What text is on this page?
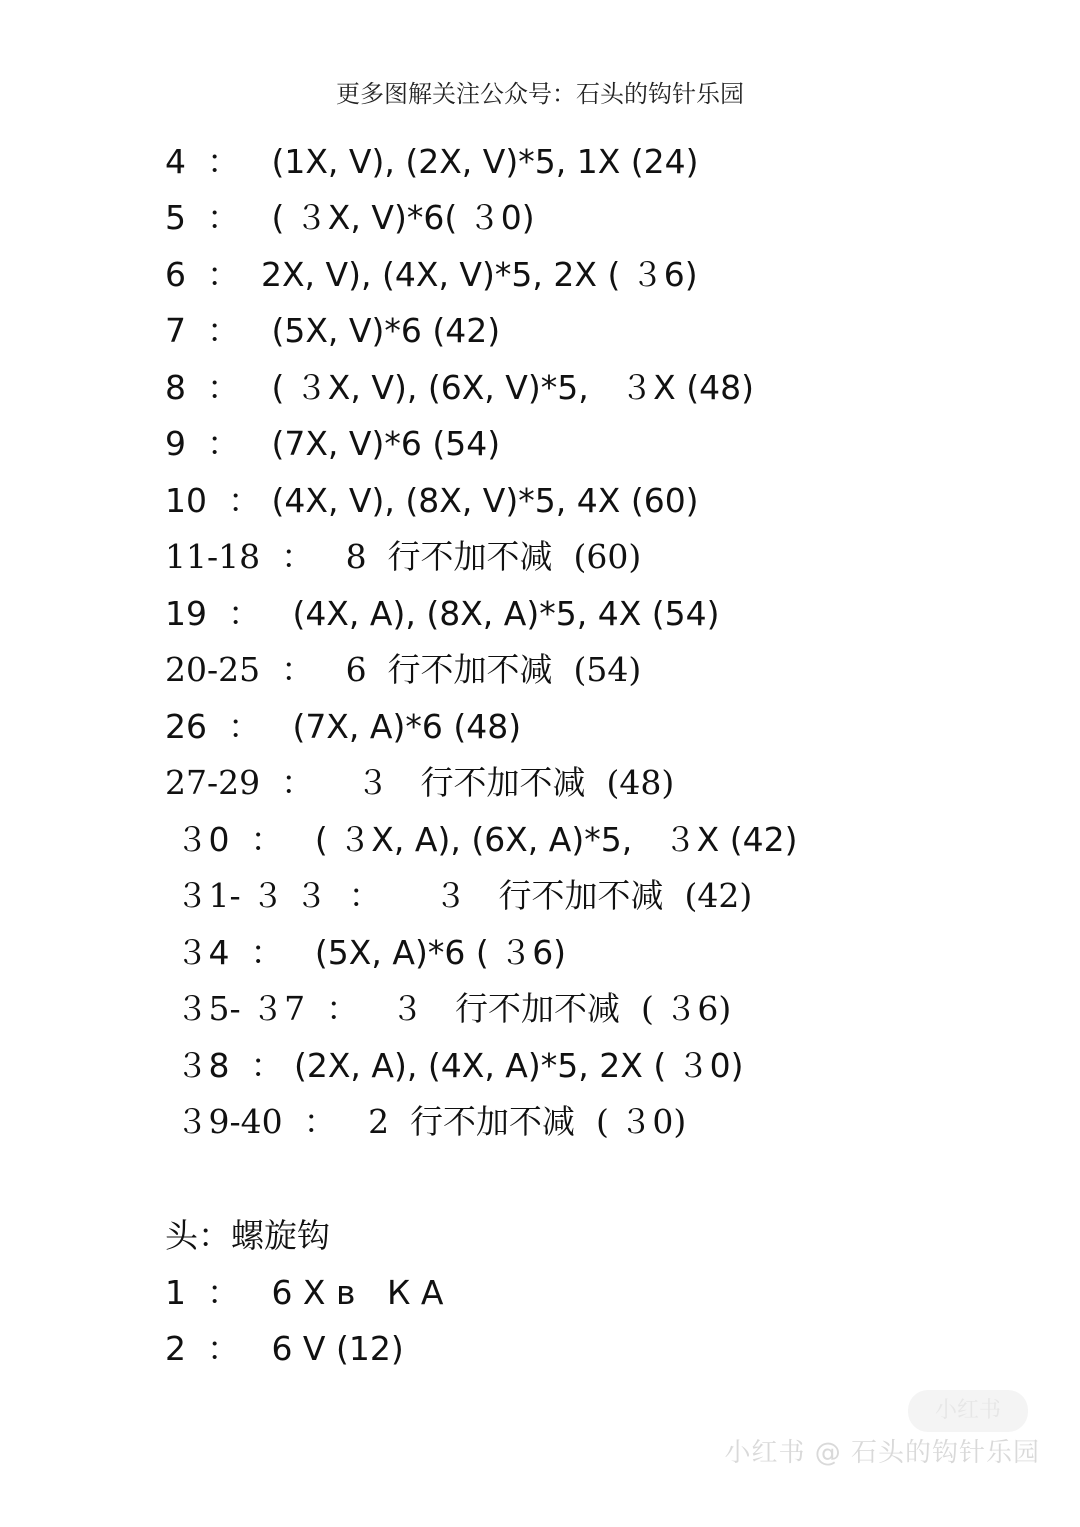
更多图解关注公众号：石头的钩针乐园
4  ：   (1X, V), (2X, V)*5, 1X (24)
5  ：   ( ３X, V)*6( ３0)
6  ：  2X, V), (4X, V)*5, 2X ( ３6)
7  ：   (5X, V)*6 (42)
8  ：   ( ３X, V), (6X, V)*5,   ３X (48)
9  ：   (7X, V)*6 (54)
10  ： (4X, V), (8X, V)*5, 4X (60)
11-18  ：   8  行不加不减  (60)
19  ：   (4X, A), (8X, A)*5, 4X (54)
20-25  ：   6  行不加不减  (54)
26  ：   (7X, A)*6 (48)
27-29  ：    ３   行不加不减  (48)
３0  ：   ( ３X, A), (6X, A)*5,   ３X (42)
３1- ３ ３  ：     ３   行不加不减  (42)
３4  ：   (5X, A)*6 ( ３6)
３5- ３7  ：   ３   行不加不减  ( ３6)
３8  ： (2X, A), (4X, A)*5, 2X ( ３0)
３9-40  ：   2  行不加不减  ( ３0)
头：螺旋钩
1  ：   6 X в   К А
2  ：   6 V (12)
小红书
小红书 @ 石头的钩针乐园
